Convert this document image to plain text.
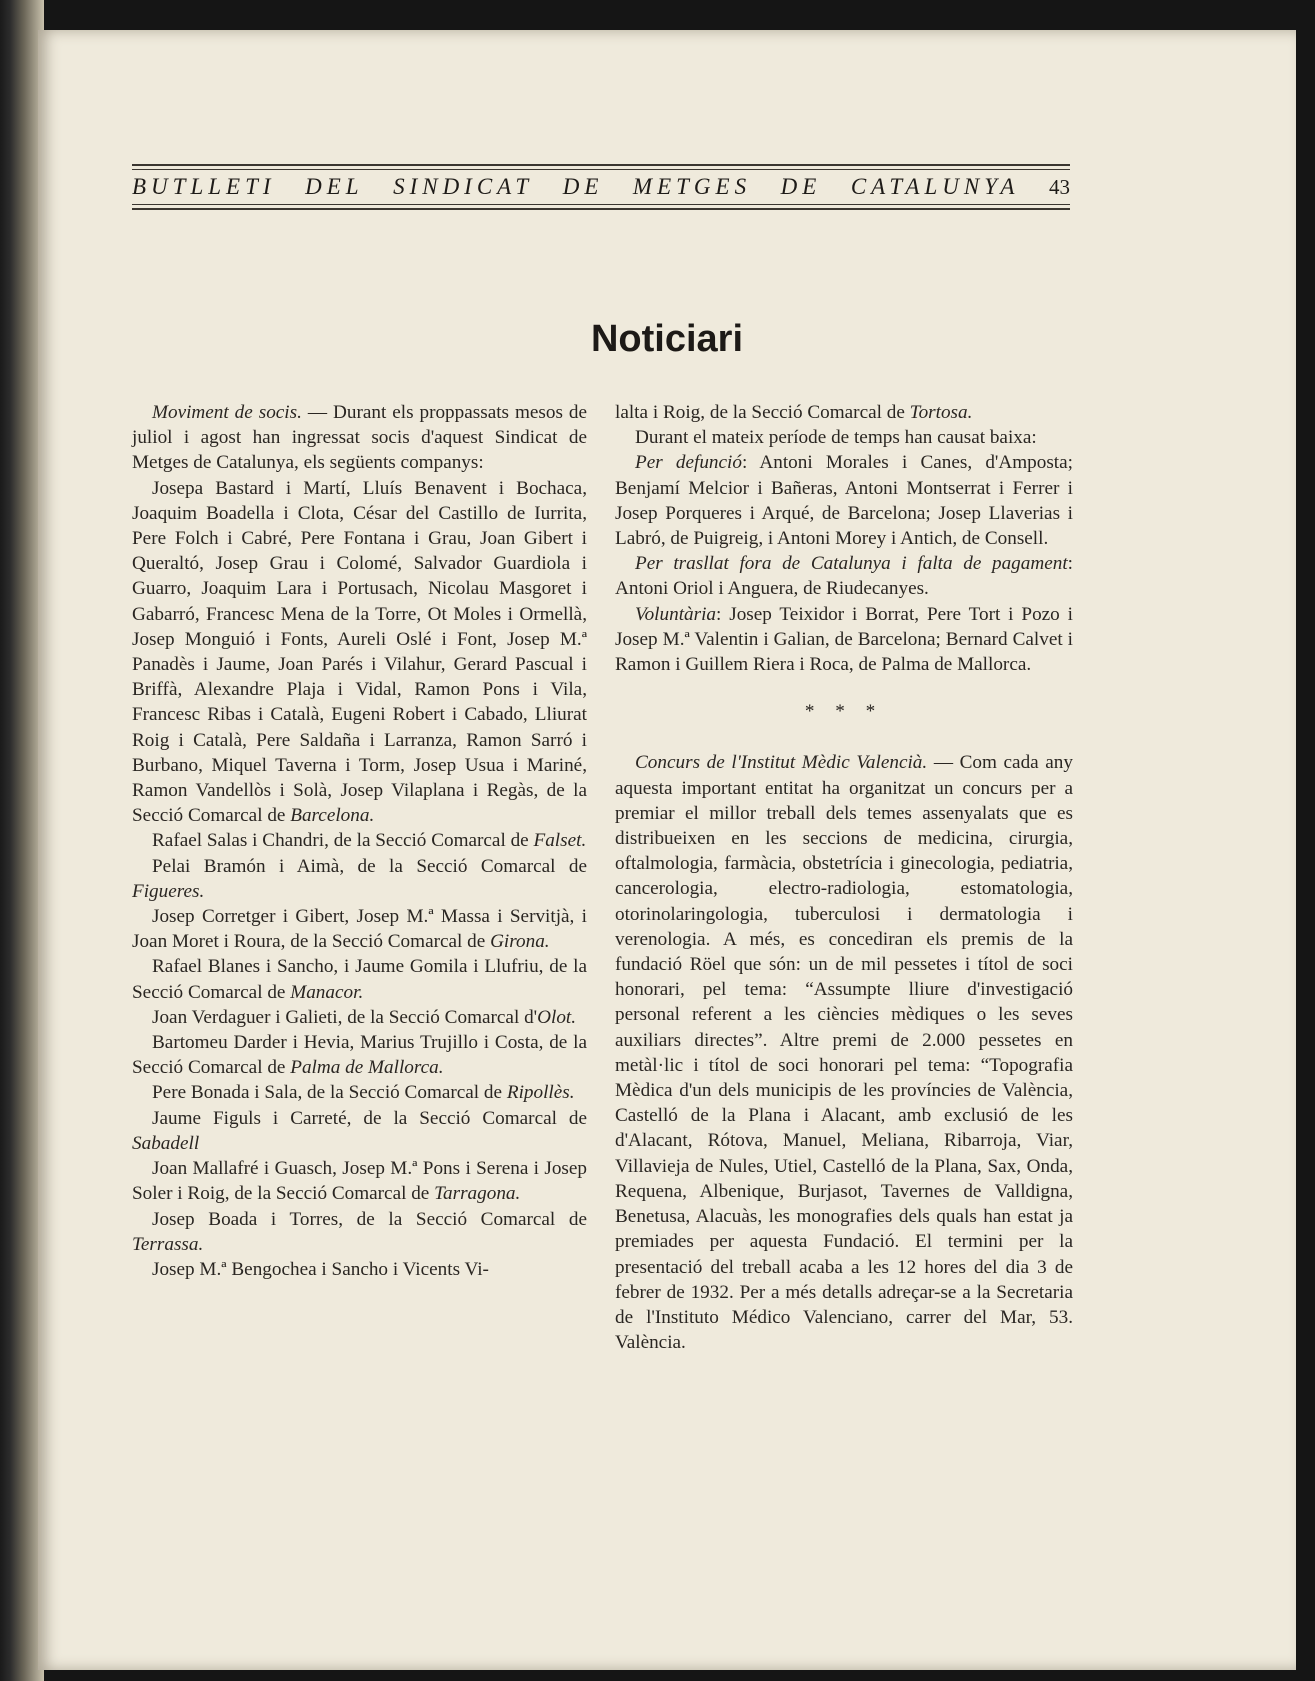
BUTLLETI DEL SINDICAT DE METGES DE CATALUNYA 43
Noticiari

Moviment de socis. — Durant els proppassats mesos de juliol i agost han ingressat socis d'aquest Sindicat de Metges de Catalunya, els següents companys:

Josepa Bastard i Martí, Lluís Benavent i Bochaca, Joaquim Boadella i Clota, César del Castillo de Iurrita, Pere Folch i Cabré, Pere Fontana i Grau, Joan Gibert i Queraltó, Josep Grau i Colomé, Salvador Guardiola i Guarro, Joaquim Lara i Portusach, Nicolau Masgoret i Gabarró, Francesc Mena de la Torre, Ot Moles i Ormellà, Josep Monguió i Fonts, Aureli Oslé i Font, Josep M.ª Panadès i Jaume, Joan Parés i Vilahur, Gerard Pascual i Briffà, Alexandre Plaja i Vidal, Ramon Pons i Vila, Francesc Ribas i Català, Eugeni Robert i Cabado, Lliurat Roig i Català, Pere Saldaña i Larranza, Ramon Sarró i Burbano, Miquel Taverna i Torm, Josep Usua i Mariné, Ramon Vandellòs i Solà, Josep Vilaplana i Regàs, de la Secció Comarcal de Barcelona.

Rafael Salas i Chandri, de la Secció Comarcal de Falset.

Pelai Bramón i Aimà, de la Secció Comarcal de Figueres.

Josep Corretger i Gibert, Josep M.ª Massa i Servitjà, i Joan Moret i Roura, de la Secció Comarcal de Girona.

Rafael Blanes i Sancho, i Jaume Gomila i Llufriu, de la Secció Comarcal de Manacor.

Joan Verdaguer i Galieti, de la Secció Comarcal d'Olot.

Bartomeu Darder i Hevia, Marius Trujillo i Costa, de la Secció Comarcal de Palma de Mallorca.

Pere Bonada i Sala, de la Secció Comarcal de Ripollès.

Jaume Figuls i Carreté, de la Secció Comarcal de Sabadell

Joan Mallafré i Guasch, Josep M.ª Pons i Serena i Josep Soler i Roig, de la Secció Comarcal de Tarragona.

Josep Boada i Torres, de la Secció Comarcal de Terrassa.

Josep M.ª Bengochea i Sancho i Vicents Vi-

lalta i Roig, de la Secció Comarcal de Tortosa.

Durant el mateix període de temps han causat baixa:

Per defunció: Antoni Morales i Canes, d'Amposta; Benjamí Melcior i Bañeras, Antoni Montserrat i Ferrer i Josep Porqueres i Arqué, de Barcelona; Josep Llaverias i Labró, de Puigreig, i Antoni Morey i Antich, de Consell.

Per trasllat fora de Catalunya i falta de pagament: Antoni Oriol i Anguera, de Riudecanyes.

Voluntària: Josep Teixidor i Borrat, Pere Tort i Pozo i Josep M.ª Valentin i Galian, de Barcelona; Bernard Calvet i Ramon i Guillem Riera i Roca, de Palma de Mallorca.

* * *

Concurs de l'Institut Mèdic Valencià. — Com cada any aquesta important entitat ha organitzat un concurs per a premiar el millor treball dels temes assenyalats que es distribueixen en les seccions de medicina, cirurgia, oftalmologia, farmàcia, obstetrícia i ginecologia, pediatria, cancerologia, electro-radiologia, estomatologia, otorinolaringologia, tuberculosi i dermatologia i verenologia. A més, es concediran els premis de la fundació Röel que són: un de mil pessetes i títol de soci honorari, pel tema: “Assumpte lliure d'investigació personal referent a les ciències mèdiques o les seves auxiliars directes”. Altre premi de 2.000 pessetes en metàl·lic i títol de soci honorari pel tema: “Topografia Mèdica d'un dels municipis de les províncies de València, Castelló de la Plana i Alacant, amb exclusió de les d'Alacant, Rótova, Manuel, Meliana, Ribarroja, Viar, Villavieja de Nules, Utiel, Castelló de la Plana, Sax, Onda, Requena, Albenique, Burjasot, Tavernes de Valldigna, Benetusa, Alacuàs, les monografies dels quals han estat ja premiades per aquesta Fundació. El termini per la presentació del treball acaba a les 12 hores del dia 3 de febrer de 1932. Per a més detalls adreçar-se a la Secretaria de l'Instituto Médico Valenciano, carrer del Mar, 53. València.
